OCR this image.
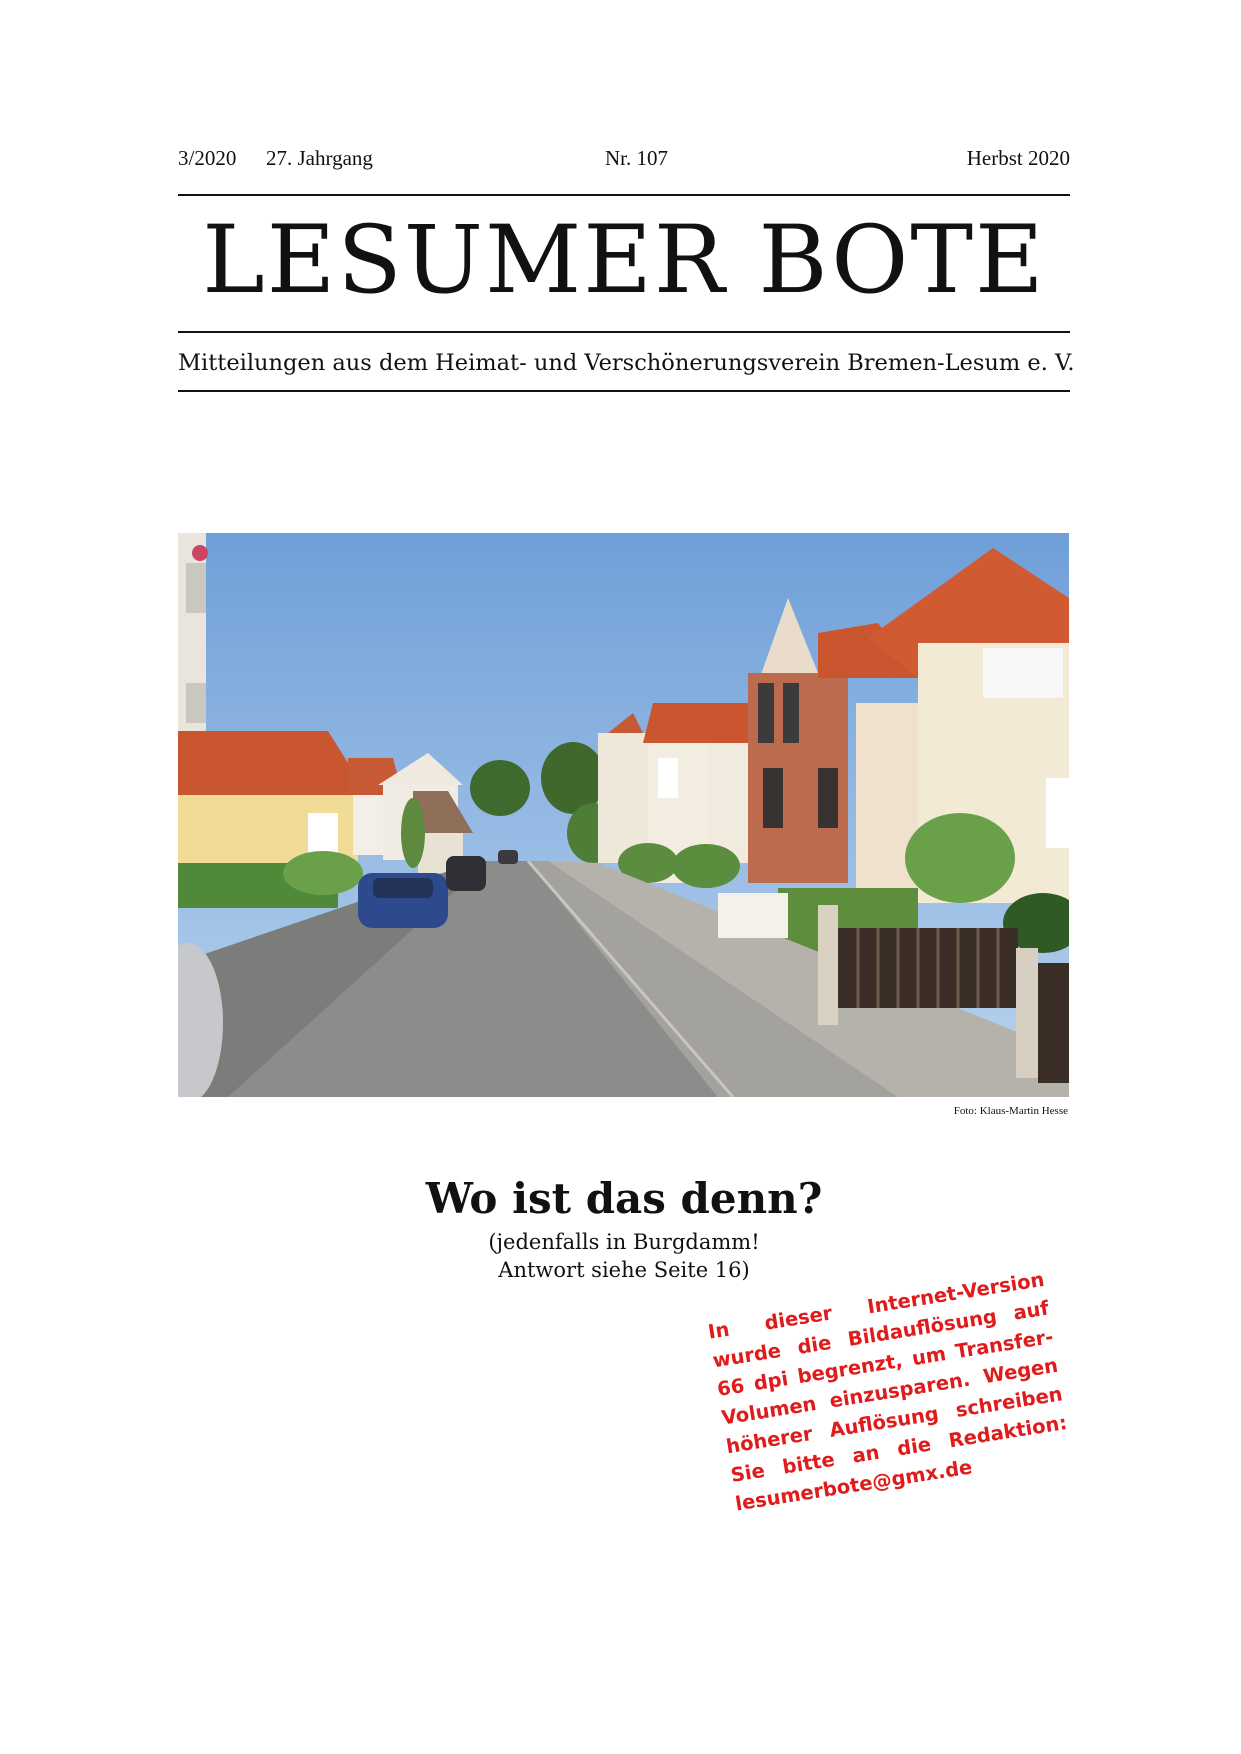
3/2020 27. Jahrgang	Nr. 107	Herbst 2020
LESUMER BOTE
Mitteilungen aus dem Heimat- und Verschönerungsverein Bremen-Lesum e. V.
Foto: Klaus-Martin Hesse
Wo ist das denn?
(jedenfalls in Burgdamm!
Antwort siehe Seite 16)
In dieser Internet-Version wurde die Bildauflösung auf 66 dpi begrenzt, um Transfer-Volumen einzusparen. Wegen höherer Auflösung schreiben Sie bitte an die Redaktion: lesumerbote@gmx.de
